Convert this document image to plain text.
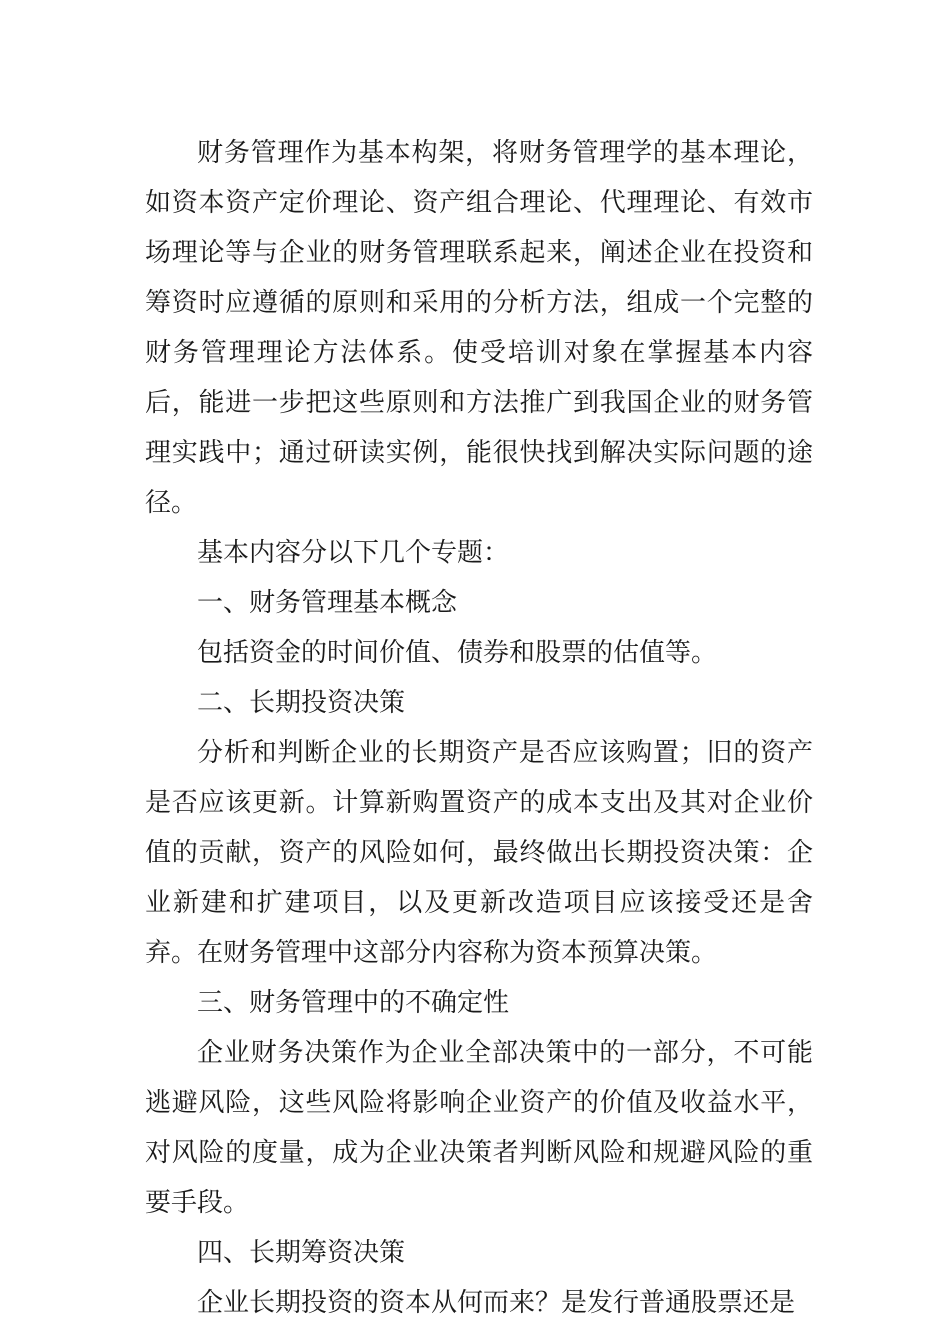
财务管理作为基本构架，将财务管理学的基本理论，如资本资产定价理论、资产组合理论、代理理论、有效市场理论等与企业的财务管理联系起来，阐述企业在投资和筹资时应遵循的原则和采用的分析方法，组成一个完整的财务管理理论方法体系。使受培训对象在掌握基本内容后，能进一步把这些原则和方法推广到我国企业的财务管理实践中；通过研读实例，能很快找到解决实际问题的途径。

基本内容分以下几个专题：

一、财务管理基本概念

包括资金的时间价值、债券和股票的估值等。

二、长期投资决策

分析和判断企业的长期资产是否应该购置；旧的资产是否应该更新。计算新购置资产的成本支出及其对企业价值的贡献，资产的风险如何，最终做出长期投资决策：企业新建和扩建项目，以及更新改造项目应该接受还是舍弃。在财务管理中这部分内容称为资本预算决策。

三、财务管理中的不确定性

企业财务决策作为企业全部决策中的一部分，不可能逃避风险，这些风险将影响企业资产的价值及收益水平，对风险的度量，成为企业决策者判断风险和规避风险的重要手段。

四、长期筹资决策

企业长期投资的资本从何而来？是发行普通股票还是
